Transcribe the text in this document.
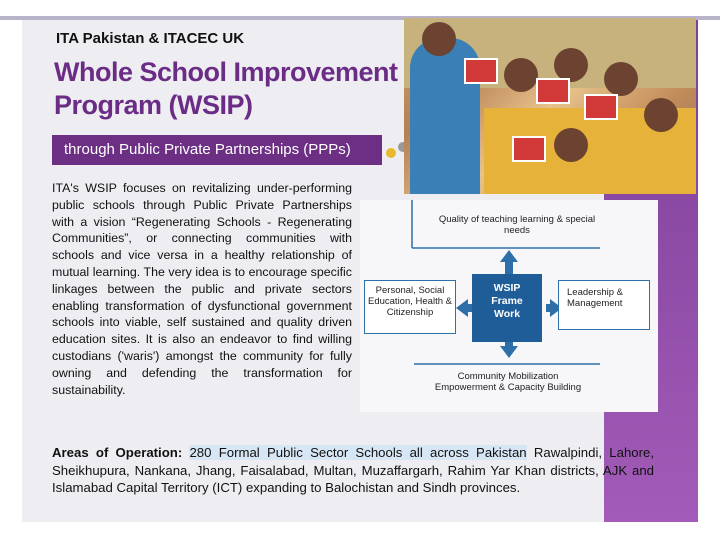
ITA Pakistan & ITACEC UK
Whole School Improvement
Program (WSIP)
through Public Private Partnerships (PPPs)
ITA's WSIP focuses on revitalizing under-performing public schools through Public Private Partnerships with a vision “Regenerating Schools - Regenerating Communities”, or connecting communities with schools and vice versa in a healthy relationship of mutual learning. The very idea is to encourage specific linkages between the public and private sectors enabling transformation of dysfunctional government schools into viable, self sustained and quality driven education sites. It is also an endeavor to find willing custodians ('waris') amongst the community for fully owning and defending the transformation for sustainability.
Quality of teaching learning & special needs
Personal, Social Education, Health & Citizenship
Leadership & Management
Community Mobilization
Empowerment & Capacity Building
WSIP
Frame
Work
Areas of Operation: 280 Formal Public Sector Schools all across Pakistan Rawalpindi, Lahore, Sheikhupura, Nankana, Jhang, Faisalabad, Multan, Muzaffargarh, Rahim Yar Khan districts, AJK and Islamabad Capital Territory (ICT) expanding to Balochistan and Sindh provinces.
